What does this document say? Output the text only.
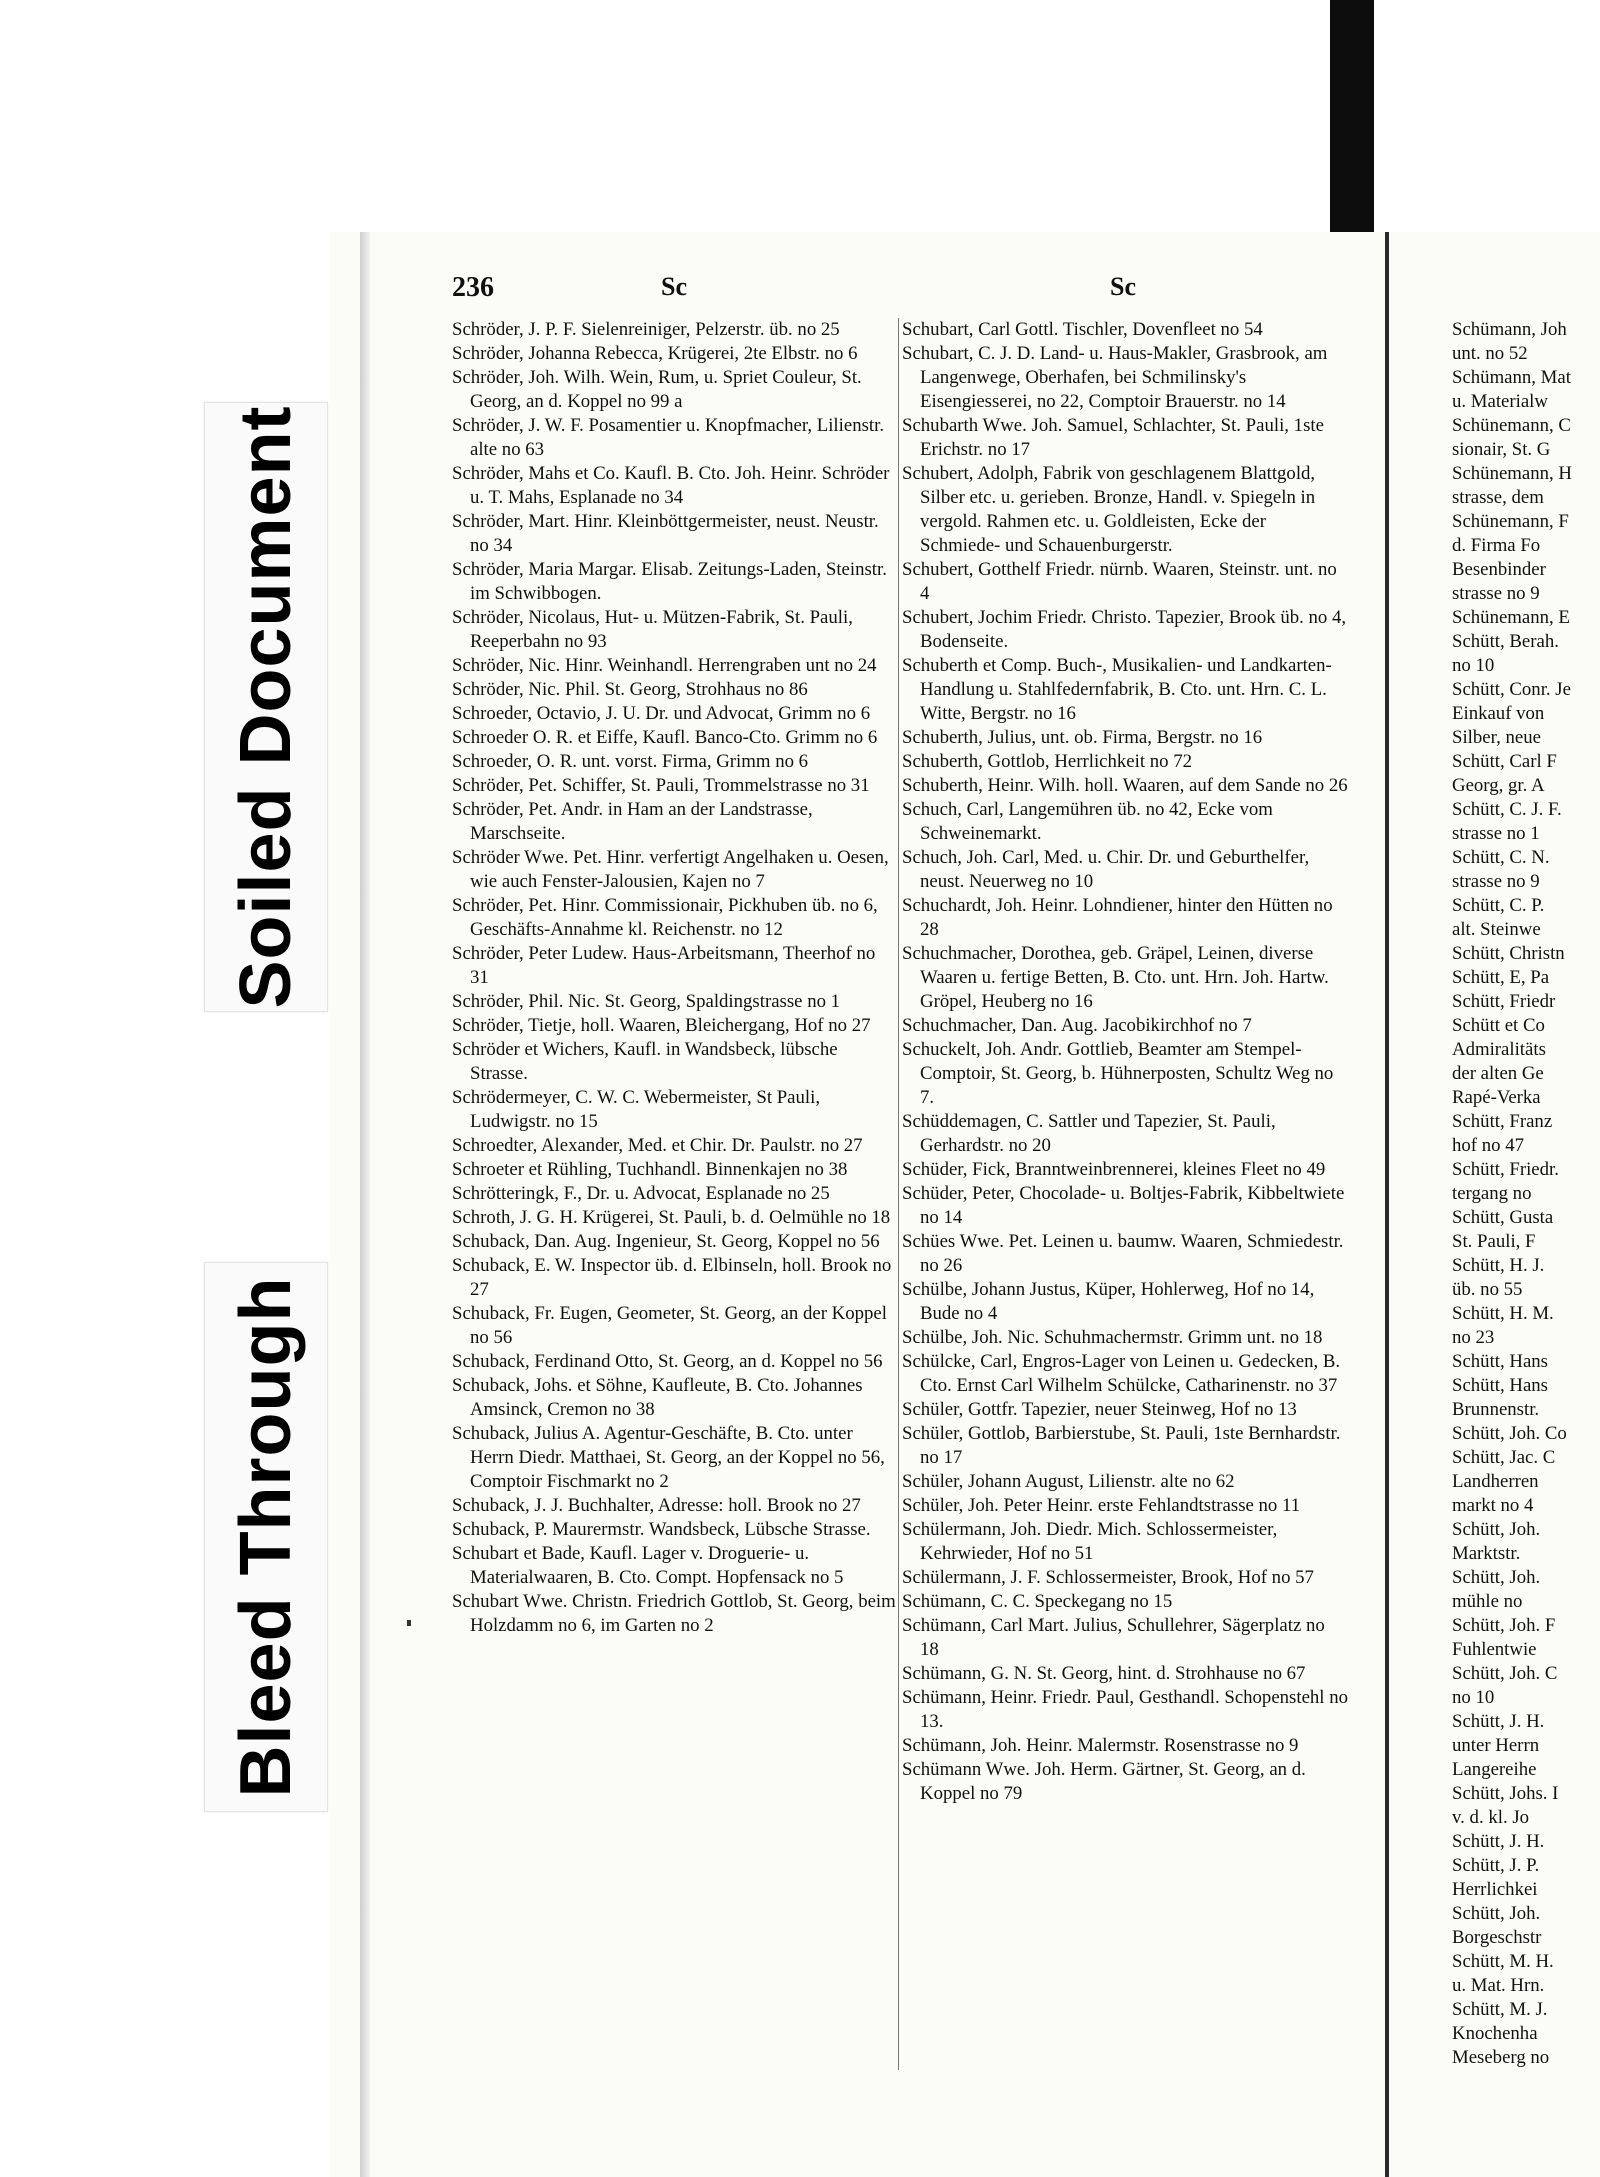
Soiled Document
Bleed Through
236	Sc	Sc
Schröder, J. P. F. Sielenreiniger, Pelzerstr. üb. no 25
Schröder, Johanna Rebecca, Krügerei, 2te Elbstr. no 6
Schröder, Joh. Wilh. Wein, Rum, u. Spriet Couleur, St. Georg, an d. Koppel no 99 a
Schröder, J. W. F. Posamentier u. Knopfmacher, Lilienstr. alte no 63
Schröder, Mahs et Co. Kaufl. B. Cto. Joh. Heinr. Schröder u. T. Mahs, Esplanade no 34
Schröder, Mart. Hinr. Kleinböttgermeister, neust. Neustr. no 34
Schröder, Maria Margar. Elisab. Zeitungs-Laden, Steinstr. im Schwibbogen.
Schröder, Nicolaus, Hut- u. Mützen-Fabrik, St. Pauli, Reeperbahn no 93
Schröder, Nic. Hinr. Weinhandl. Herrengraben unt no 24
Schröder, Nic. Phil. St. Georg, Strohhaus no 86
Schroeder, Octavio, J. U. Dr. und Advocat, Grimm no 6
Schroeder O. R. et Eiffe, Kaufl. Banco-Cto. Grimm no 6
Schroeder, O. R. unt. vorst. Firma, Grimm no 6
Schröder, Pet. Schiffer, St. Pauli, Trommelstrasse no 31
Schröder, Pet. Andr. in Ham an der Landstrasse, Marschseite.
Schröder Wwe. Pet. Hinr. verfertigt Angelhaken u. Oesen, wie auch Fenster-Jalousien, Kajen no 7
Schröder, Pet. Hinr. Commissionair, Pickhuben üb. no 6, Geschäfts-Annahme kl. Reichenstr. no 12
Schröder, Peter Ludew. Haus-Arbeitsmann, Theerhof no 31
Schröder, Phil. Nic. St. Georg, Spaldingstrasse no 1
Schröder, Tietje, holl. Waaren, Bleichergang, Hof no 27
Schröder et Wichers, Kaufl. in Wandsbeck, lübsche Strasse.
Schrödermeyer, C. W. C. Webermeister, St Pauli, Ludwigstr. no 15
Schroedter, Alexander, Med. et Chir. Dr. Paulstr. no 27
Schroeter et Rühling, Tuchhandl. Binnenkajen no 38
Schrötteringk, F., Dr. u. Advocat, Esplanade no 25
Schroth, J. G. H. Krügerei, St. Pauli, b. d. Oelmühle no 18
Schuback, Dan. Aug. Ingenieur, St. Georg, Koppel no 56
Schuback, E. W. Inspector üb. d. Elbinseln, holl. Brook no 27
Schuback, Fr. Eugen, Geometer, St. Georg, an der Koppel no 56
Schuback, Ferdinand Otto, St. Georg, an d. Koppel no 56
Schuback, Johs. et Söhne, Kaufleute, B. Cto. Johannes Amsinck, Cremon no 38
Schuback, Julius A. Agentur-Geschäfte, B. Cto. unter Herrn Diedr. Matthaei, St. Georg, an der Koppel no 56, Comptoir Fischmarkt no 2
Schuback, J. J. Buchhalter, Adresse: holl. Brook no 27
Schuback, P. Maurermstr. Wandsbeck, Lübsche Strasse.
Schubart et Bade, Kaufl. Lager v. Droguerie- u. Materialwaaren, B. Cto. Compt. Hopfensack no 5
Schubart Wwe. Christn. Friedrich Gottlob, St. Georg, beim Holzdamm no 6, im Garten no 2
Schubart, Carl Gottl. Tischler, Dovenfleet no 54
Schubart, C. J. D. Land- u. Haus-Makler, Grasbrook, am Langenwege, Oberhafen, bei Schmilinsky's Eisengiesserei, no 22, Comptoir Brauerstr. no 14
Schubarth Wwe. Joh. Samuel, Schlachter, St. Pauli, 1ste Erichstr. no 17
Schubert, Adolph, Fabrik von geschlagenem Blattgold, Silber etc. u. gerieben. Bronze, Handl. v. Spiegeln in vergold. Rahmen etc. u. Goldleisten, Ecke der Schmiede- und Schauenburgerstr.
Schubert, Gotthelf Friedr. nürnb. Waaren, Steinstr. unt. no 4
Schubert, Jochim Friedr. Christo. Tapezier, Brook üb. no 4, Bodenseite.
Schuberth et Comp. Buch-, Musikalien- und Landkarten-Handlung u. Stahlfedernfabrik, B. Cto. unt. Hrn. C. L. Witte, Bergstr. no 16
Schuberth, Julius, unt. ob. Firma, Bergstr. no 16
Schuberth, Gottlob, Herrlichkeit no 72
Schuberth, Heinr. Wilh. holl. Waaren, auf dem Sande no 26
Schuch, Carl, Langemühren üb. no 42, Ecke vom Schweinemarkt.
Schuch, Joh. Carl, Med. u. Chir. Dr. und Geburthelfer, neust. Neuerweg no 10
Schuchardt, Joh. Heinr. Lohndiener, hinter den Hütten no 28
Schuchmacher, Dorothea, geb. Gräpel, Leinen, diverse Waaren u. fertige Betten, B. Cto. unt. Hrn. Joh. Hartw. Gröpel, Heuberg no 16
Schuchmacher, Dan. Aug. Jacobikirchhof no 7
Schuckelt, Joh. Andr. Gottlieb, Beamter am Stempel-Comptoir, St. Georg, b. Hühnerposten, Schultz Weg no 7.
Schüddemagen, C. Sattler und Tapezier, St. Pauli, Gerhardstr. no 20
Schüder, Fick, Branntweinbrennerei, kleines Fleet no 49
Schüder, Peter, Chocolade- u. Boltjes-Fabrik, Kibbeltwiete no 14
Schües Wwe. Pet. Leinen u. baumw. Waaren, Schmiedestr. no 26
Schülbe, Johann Justus, Küper, Hohlerweg, Hof no 14, Bude no 4
Schülbe, Joh. Nic. Schuhmachermstr. Grimm unt. no 18
Schülcke, Carl, Engros-Lager von Leinen u. Gedecken, B. Cto. Ernst Carl Wilhelm Schülcke, Catharinenstr. no 37
Schüler, Gottfr. Tapezier, neuer Steinweg, Hof no 13
Schüler, Gottlob, Barbierstube, St. Pauli, 1ste Bernhardstr. no 17
Schüler, Johann August, Lilienstr. alte no 62
Schüler, Joh. Peter Heinr. erste Fehlandtstrasse no 11
Schülermann, Joh. Diedr. Mich. Schlossermeister, Kehrwieder, Hof no 51
Schülermann, J. F. Schlossermeister, Brook, Hof no 57
Schümann, C. C. Speckegang no 15
Schümann, Carl Mart. Julius, Schullehrer, Sägerplatz no 18
Schümann, G. N. St. Georg, hint. d. Strohhause no 67
Schümann, Heinr. Friedr. Paul, Gesthandl. Schopenstehl no 13.
Schümann, Joh. Heinr. Malermstr. Rosenstrasse no 9
Schümann Wwe. Joh. Herm. Gärtner, St. Georg, an d. Koppel no 79
Schümann, Joh
unt. no 52
Schümann, Mat
u. Materialw
Schünemann, C
sionair, St. G
Schünemann, H
strasse, dem
Schünemann, F
d. Firma Fo
Besenbinder
strasse no 9
Schünemann, E
Schütt, Berah.
no 10
Schütt, Conr. Je
Einkauf von
Silber, neue
Schütt, Carl F
Georg, gr. A
Schütt, C. J. F.
strasse no 1
Schütt, C. N.
strasse no 9
Schütt, C. P.
alt. Steinwe
Schütt, Christn
Schütt, E, Pa
Schütt, Friedr
Schütt et Co
Admiralitäts
der alten Ge
Rapé-Verka
Schütt, Franz
hof no 47
Schütt, Friedr.
tergang no
Schütt, Gusta
St. Pauli, F
Schütt, H. J.
üb. no 55
Schütt, H. M.
no 23
Schütt, Hans
Schütt, Hans
Brunnenstr.
Schütt, Joh. Co
Schütt, Jac. C
Landherren
markt no 4
Schütt, Joh.
Marktstr.
Schütt, Joh.
mühle no
Schütt, Joh. F
Fuhlentwie
Schütt, Joh. C
no 10
Schütt, J. H.
unter Herrn
Langereihe
Schütt, Johs. I
v. d. kl. Jo
Schütt, J. H.
Schütt, J. P.
Herrlichkei
Schütt, Joh.
Borgeschstr
Schütt, M. H.
u. Mat. Hrn.
Schütt, M. J.
Knochenha
Meseberg no
